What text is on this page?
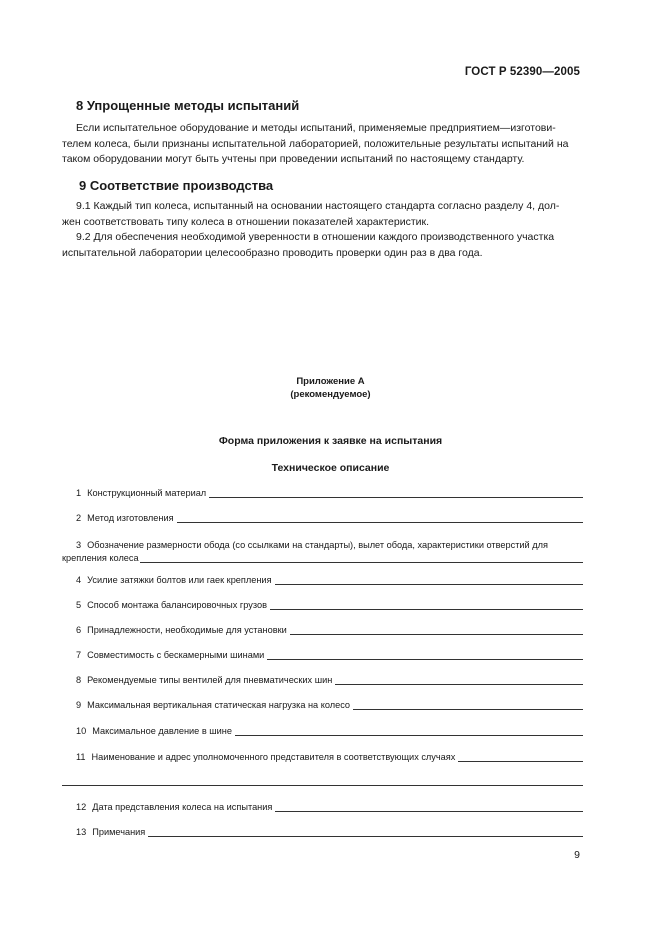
ГОСТ Р 52390—2005
8 Упрощенные методы испытаний
Если испытательное оборудование и методы испытаний, применяемые предприятием—изготови-
телем колеса, были признаны испытательной лабораторией, положительные результаты испытаний на
таком оборудовании могут быть учтены при проведении испытаний по настоящему стандарту.
9 Соответствие производства
9.1 Каждый тип колеса, испытанный на основании настоящего стандарта согласно разделу 4, дол-
жен соответствовать типу колеса в отношении показателей характеристик.
9.2 Для обеспечения необходимой уверенности в отношении каждого производственного участка
испытательной лаборатории целесообразно проводить проверки один раз в два года.
Приложение А
(рекомендуемое)
Форма приложения к заявке на испытания
Техническое описание
1 Конструкционный материал
2 Метод изготовления
3 Обозначение размерности обода (со ссылками на стандарты), вылет обода, характеристики отверстий для
крепления колеса
4 Усилие затяжки болтов или гаек крепления
5 Способ монтажа балансировочных грузов
6 Принадлежности, необходимые для установки
7 Совместимость с бескамерными шинами
8 Рекомендуемые типы вентилей для пневматических шин
9 Максимальная вертикальная статическая нагрузка на колесо
10 Максимальное давление в шине
11 Наименование и адрес уполномоченного представителя в соответствующих случаях
12 Дата представления колеса на испытания
13 Примечания
9
